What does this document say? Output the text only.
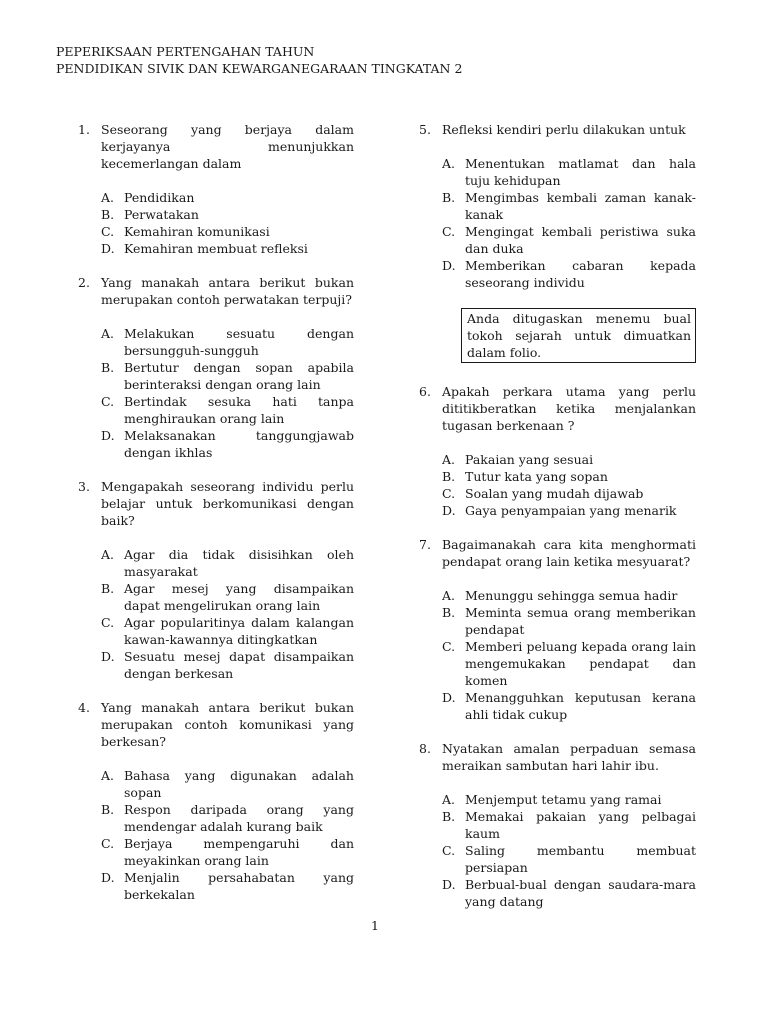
PEPERIKSAAN PERTENGAHAN TAHUN
PENDIDIKAN SIVIK DAN KEWARGANEGARAAN TINGKATAN 2
1. Seseorang yang berjaya dalam kerjayanya menunjukkan kecemerlangan dalam
A. Pendidikan
B. Perwatakan
C. Kemahiran komunikasi
D. Kemahiran membuat refleksi
2. Yang manakah antara berikut bukan merupakan contoh perwatakan terpuji?
A. Melakukan sesuatu dengan bersungguh-sungguh
B. Bertutur dengan sopan apabila berinteraksi dengan orang lain
C. Bertindak sesuka hati tanpa menghiraukan orang lain
D. Melaksanakan tanggungjawab dengan ikhlas
3. Mengapakah seseorang individu perlu belajar untuk berkomunikasi dengan baik?
A. Agar dia tidak disisihkan oleh masyarakat
B. Agar mesej yang disampaikan dapat mengelirukan orang lain
C. Agar popularitinya dalam kalangan kawan-kawannya ditingkatkan
D. Sesuatu mesej dapat disampaikan dengan berkesan
4. Yang manakah antara berikut bukan merupakan contoh komunikasi yang berkesan?
A. Bahasa yang digunakan adalah sopan
B. Respon daripada orang yang mendengar adalah kurang baik
C. Berjaya mempengaruhi dan meyakinkan orang lain
D. Menjalin persahabatan yang berkekalan
5. Refleksi kendiri perlu dilakukan untuk
A. Menentukan matlamat dan hala tuju kehidupan
B. Mengimbas kembali zaman kanak-kanak
C. Mengingat kembali peristiwa suka dan duka
D. Memberikan cabaran kepada seseorang individu
Anda ditugaskan menemu bual tokoh sejarah untuk dimuatkan dalam folio.
6. Apakah perkara utama yang perlu dititikberatkan ketika menjalankan tugasan berkenaan ?
A. Pakaian yang sesuai
B. Tutur kata yang sopan
C. Soalan yang mudah dijawab
D. Gaya penyampaian yang menarik
7. Bagaimanakah cara kita menghormati pendapat orang lain ketika mesyuarat?
A. Menunggu sehingga semua hadir
B. Meminta semua orang memberikan pendapat
C. Memberi peluang kepada orang lain mengemukakan pendapat dan komen
D. Menangguhkan keputusan kerana ahli tidak cukup
8. Nyatakan amalan perpaduan semasa meraikan sambutan hari lahir ibu.
A. Menjemput tetamu yang ramai
B. Memakai pakaian yang pelbagai kaum
C. Saling membantu membuat persiapan
D. Berbual-bual dengan saudara-mara yang datang
1
